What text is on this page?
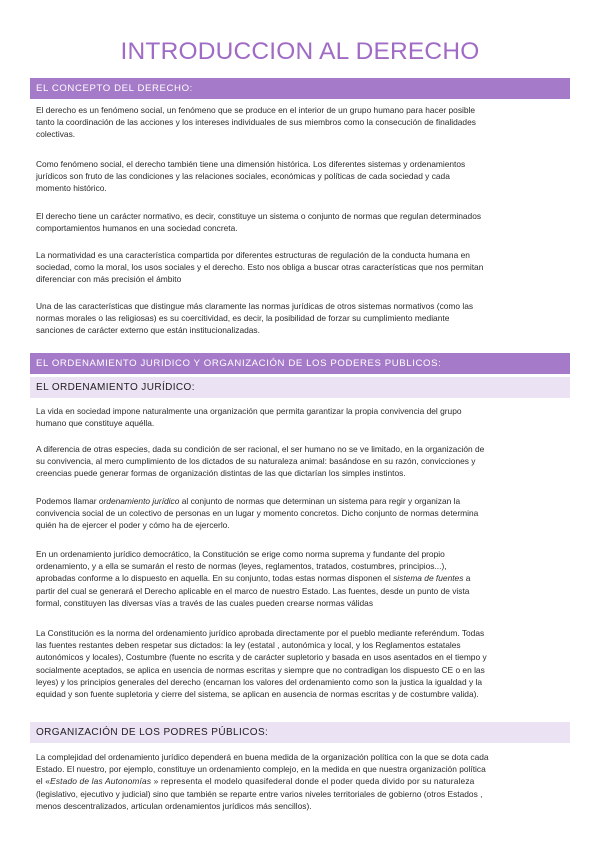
INTRODUCCION AL DERECHO
EL CONCEPTO DEL DERECHO:
El derecho es un fenómeno social, un fenómeno que se produce en el interior de un grupo humano para hacer posible
tanto la coordinación de las acciones y los intereses individuales de sus miembros como la consecución de finalidades
colectivas.
Como fenómeno social, el derecho también tiene una dimensión histórica. Los diferentes sistemas y ordenamientos
jurídicos son fruto de las condiciones y las relaciones sociales, económicas y políticas de cada sociedad y cada
momento histórico.
El derecho tiene un carácter normativo, es decir, constituye un sistema o conjunto de normas que regulan determinados
comportamientos humanos en una sociedad concreta.
La normatividad es una característica compartida por diferentes estructuras de regulación de la conducta humana en
sociedad, como la moral, los usos sociales y el derecho. Esto nos obliga a buscar otras características que nos permitan
diferenciar con más precisión el ámbito
Una de las características que distingue más claramente las normas jurídicas de otros sistemas normativos (como las
normas morales o las religiosas) es su coercitividad, es decir, la posibilidad de forzar su cumplimiento mediante
sanciones de carácter externo que están institucionalizadas.
EL ORDENAMIENTO JURIDICO Y ORGANIZACIÓN DE LOS PODERES PUBLICOS:
EL ORDENAMIENTO JURÍDICO:
La vida en sociedad impone naturalmente una organización que permita garantizar la propia convivencia del grupo
humano que constituye aquélla.
A diferencia de otras especies, dada su condición de ser racional, el ser humano no se ve limitado, en la organización de
su convivencia, al mero cumplimiento de los dictados de su naturaleza animal: basándose en su razón, convicciones y
creencias puede generar formas de organización distintas de las que dictarían los simples instintos.
Podemos llamar ordenamiento jurídico al conjunto de normas que determinan un sistema para regir y organizan la
convivencia social de un colectivo de personas en un lugar y momento concretos. Dicho conjunto de normas determina
quién ha de ejercer el poder y cómo ha de ejercerlo.
En un ordenamiento jurídico democrático, la Constitución se erige como norma suprema y fundante del propio
ordenamiento, y a ella se sumarán el resto de normas (leyes, reglamentos, tratados, costumbres, principios...),
aprobadas conforme a lo dispuesto en aquella. En su conjunto, todas estas normas disponen el sistema de fuentes a
partir del cual se generará el Derecho aplicable en el marco de nuestro Estado. Las fuentes, desde un punto de vista
formal, constituyen las diversas vías a través de las cuales pueden crearse normas válidas
La Constitución es la norma del ordenamiento jurídico aprobada directamente por el pueblo mediante referéndum. Todas
las fuentes restantes deben respetar sus dictados: la ley (estatal , autonómica y local, y los Reglamentos estatales
autonómicos y locales), Costumbre (fuente no escrita y de carácter supletorio y basada en usos asentados en el tiempo y
socialmente aceptados, se aplica en usencia de normas escritas y siempre que no contradigan los dispuesto CE o en las
leyes) y los principios generales del derecho (encarnan los valores del ordenamiento como son la justica la igualdad y la
equidad y son fuente supletoria y cierre del sistema, se aplican en ausencia de normas escritas y de costumbre valida).
ORGANIZACIÓN DE LOS PODRES PÚBLICOS:
La complejidad del ordenamiento jurídico dependerá en buena medida de la organización política con la que se dota cada
Estado. El nuestro, por ejemplo, constituye un ordenamiento complejo, en la medida en que nuestra organización política
el «Estado de las Autonomías » representa el modelo quasifederal donde el poder queda divido por su naturaleza
(legislativo, ejecutivo y judicial) sino que también se reparte entre varios niveles territoriales de gobierno (otros Estados ,
menos descentralizados, articulan ordenamientos jurídicos más sencillos).
